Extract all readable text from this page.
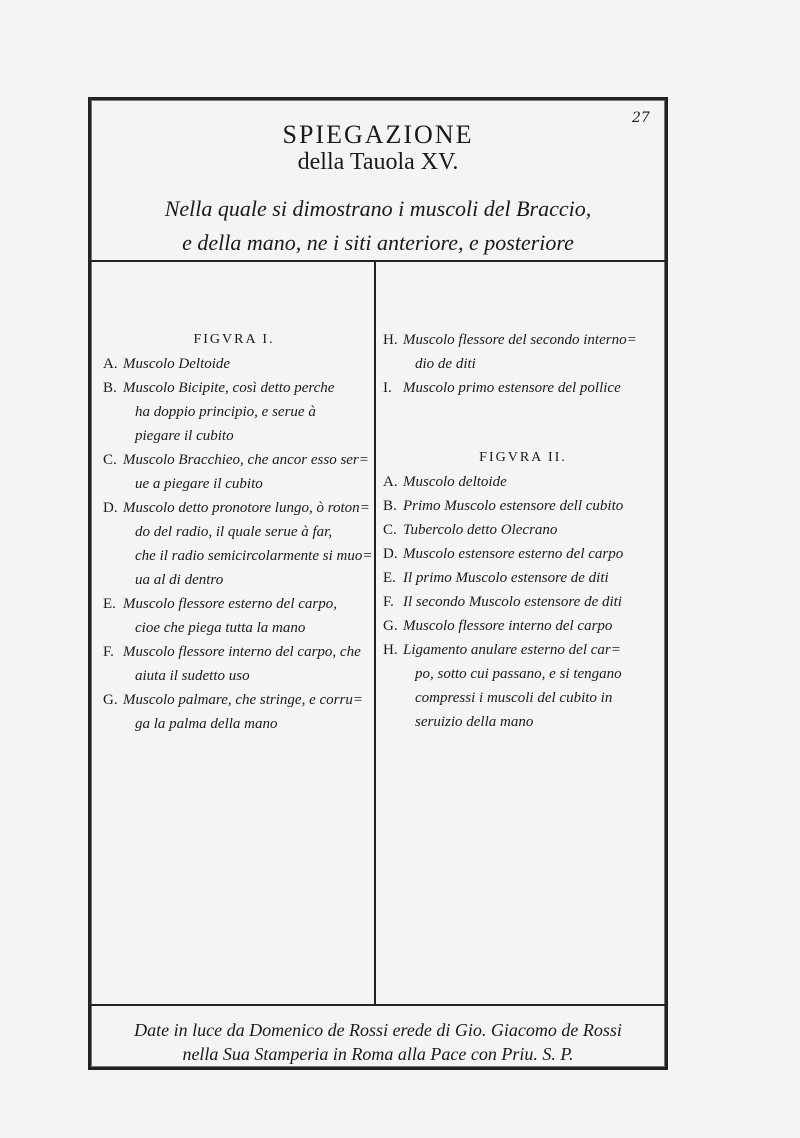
27
SPIEGAZIONE
della Tauola XV.
Nella quale si dimostrano i muscoli del Braccio,
e della mano, ne i siti anteriore, e posteriore
FIGVRA I.
A. Muscolo Deltoide
B. Muscolo Bicipite, così detto perche
ha doppio principio, e serue à
piegare il cubito
C. Muscolo Bracchieo, che ancor esso ser=
ue a piegare il cubito
D. Muscolo detto pronotore lungo, ò roton=
do del radio, il quale serue à far,
che il radio semicircolarmente si muo=
ua al di dentro
E. Muscolo flessore esterno del carpo,
cioe che piega tutta la mano
F. Muscolo flessore interno del carpo, che
aiuta il sudetto uso
G. Muscolo palmare, che stringe, e corru=
ga la palma della mano
H. Muscolo flessore del secondo interno=
dio de diti
I. Muscolo primo estensore del pollice
FIGVRA II.
A. Muscolo deltoide
B. Primo Muscolo estensore dell cubito
C. Tubercolo detto Olecrano
D. Muscolo estensore esterno del carpo
E. Il primo Muscolo estensore de diti
F. Il secondo Muscolo estensore de diti
G. Muscolo flessore interno del carpo
H. Ligamento anulare esterno del car=
po, sotto cui passano, e si tengano
compressi i muscoli del cubito in
seruizio della mano
Date in luce da Domenico de Rossi erede di Gio. Giacomo de Rossi
nella Sua Stamperia in Roma alla Pace con Priu. S. P.
